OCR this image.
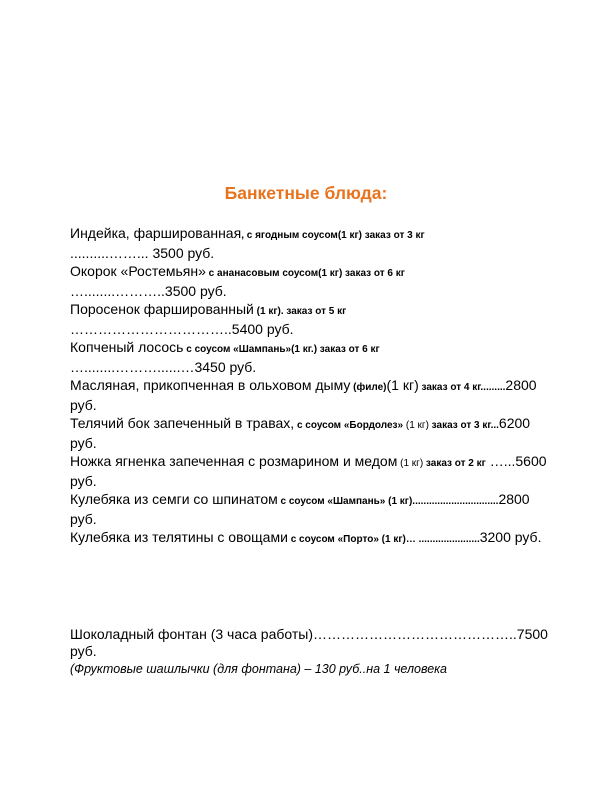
Банкетные блюда:
Индейка, фаршированная, с ягодным соусом(1 кг) заказ от 3 кг
..........……... 3500 руб.
Окорок «Ростемьян» с ананасовым соусом(1 кг) заказ от 6 кг
…........………..3500 руб.
Поросенок фаршированный (1 кг). заказ от 5 кг
……………………………..5400 руб.
Копченый лосось с соусом «Шампань»(1 кг.) заказ от 6 кг
…........………......…3450 руб.
Масляная, прикопченная в ольховом дыму (филе)(1 кг) заказ от 4 кг.........2800 руб.
Телячий бок запеченный в травах, с соусом «Бордолез» (1 кг) заказ от 3 кг...6200 руб.
Ножка ягненка запеченная с розмарином и медом (1 кг) заказ от 2 кг …...5600 руб.
Кулебяка из семги со шпинатом с соусом «Шампань» (1 кг)...............................2800 руб.
Кулебяка из телятины с овощами с соусом «Порто» (1 кг)… ......................3200 руб.
Шоколадный фонтан (3 часа работы)……………………………………..7500 руб.
(Фруктовые шашлычки (для фонтана) – 130 руб..на 1 человека
